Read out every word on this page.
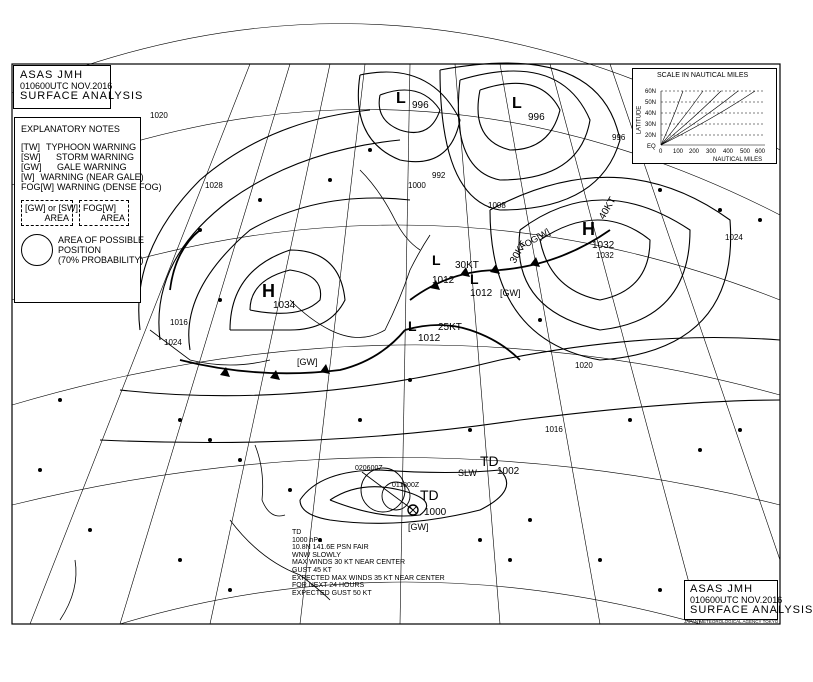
H
1034
H
1032
L 996	L
996
L
1012 L
1012
L
1012
TD
1000
TD
1002
020600Z
011800Z
SLW
30KT	30KT
40KT
25KT
[GW]
[GW]
[GW]
FOG[W]
1020
1028
1024
1016
1008
1000
996
992
1032
1024
1020
1016
ASAS JMH
010600UTC NOV.2016
SURFACE ANALYSIS
EXPLANATORY NOTES
[TW] TYPHOON WARNING
[SW]	STORM WARNING
[GW]	GALE WARNING
[W] WARNING (NEAR GALE)
FOG[W] WARNING (DENSE FOG)
[GW] or [SW]
AREA
FOG[W]
AREA
AREA OF POSSIBLE
POSITION
(70% PROBABILITY)
SCALE IN NAUTICAL MILES
LATITUDE
60N
50N
40N
30N
20N
EQ
0 100 200 300 400 500 600
NAUTICAL MILES
TD
1000 hPa
10.8N 141.6E PSN FAIR
WNW SLOWLY
MAX WINDS 30 KT NEAR CENTER
GUST 45 KT
EXPECTED MAX WINDS 35 KT NEAR CENTER
FOR NEXT 24 HOURS
EXPECTED GUST 50 KT	ASAS JMH
010600UTC NOV.2016
SURFACE ANALYSIS
JAPAN METEOROLOGICAL AGENCY TOKYO
